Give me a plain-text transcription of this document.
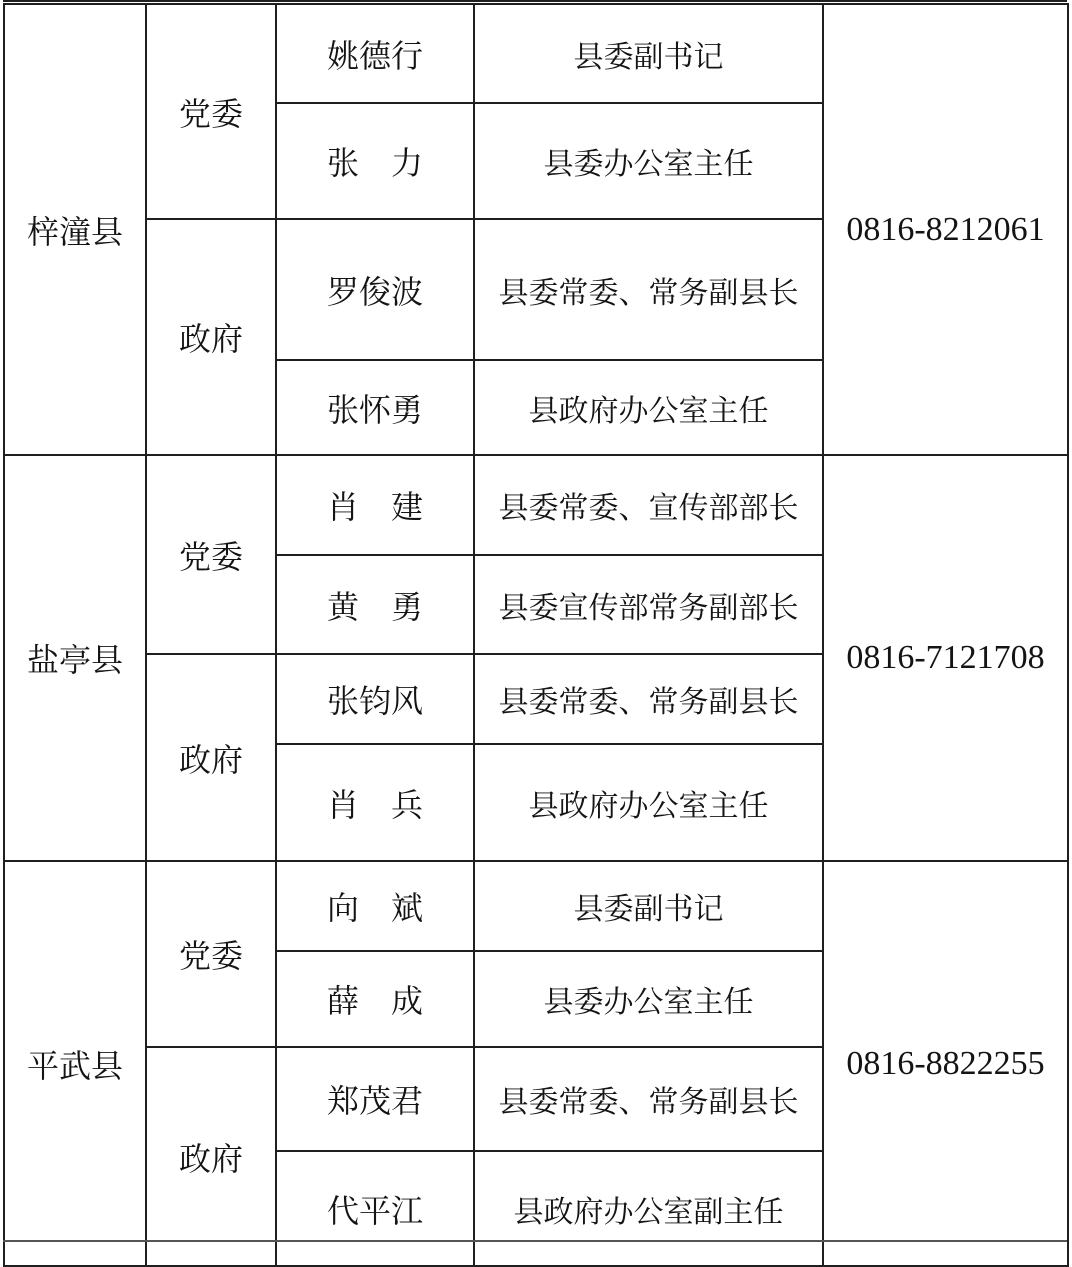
梓潼县	党委	姚德行	县委副书记	0816-8212061
		张　力	县委办公室主任	
	政府	罗俊波	县委常委、常务副县长	
		张怀勇	县政府办公室主任	
盐亭县	党委	肖　建	县委常委、宣传部部长	0816-7121708
		黄　勇	县委宣传部常务副部长	
	政府	张钧风	县委常委、常务副县长	
		肖　兵	县政府办公室主任	
平武县	党委	向　斌	县委副书记	0816-8822255
		薛　成	县委办公室主任	
	政府	郑茂君	县委常委、常务副县长	
		代平江	县政府办公室副主任	
